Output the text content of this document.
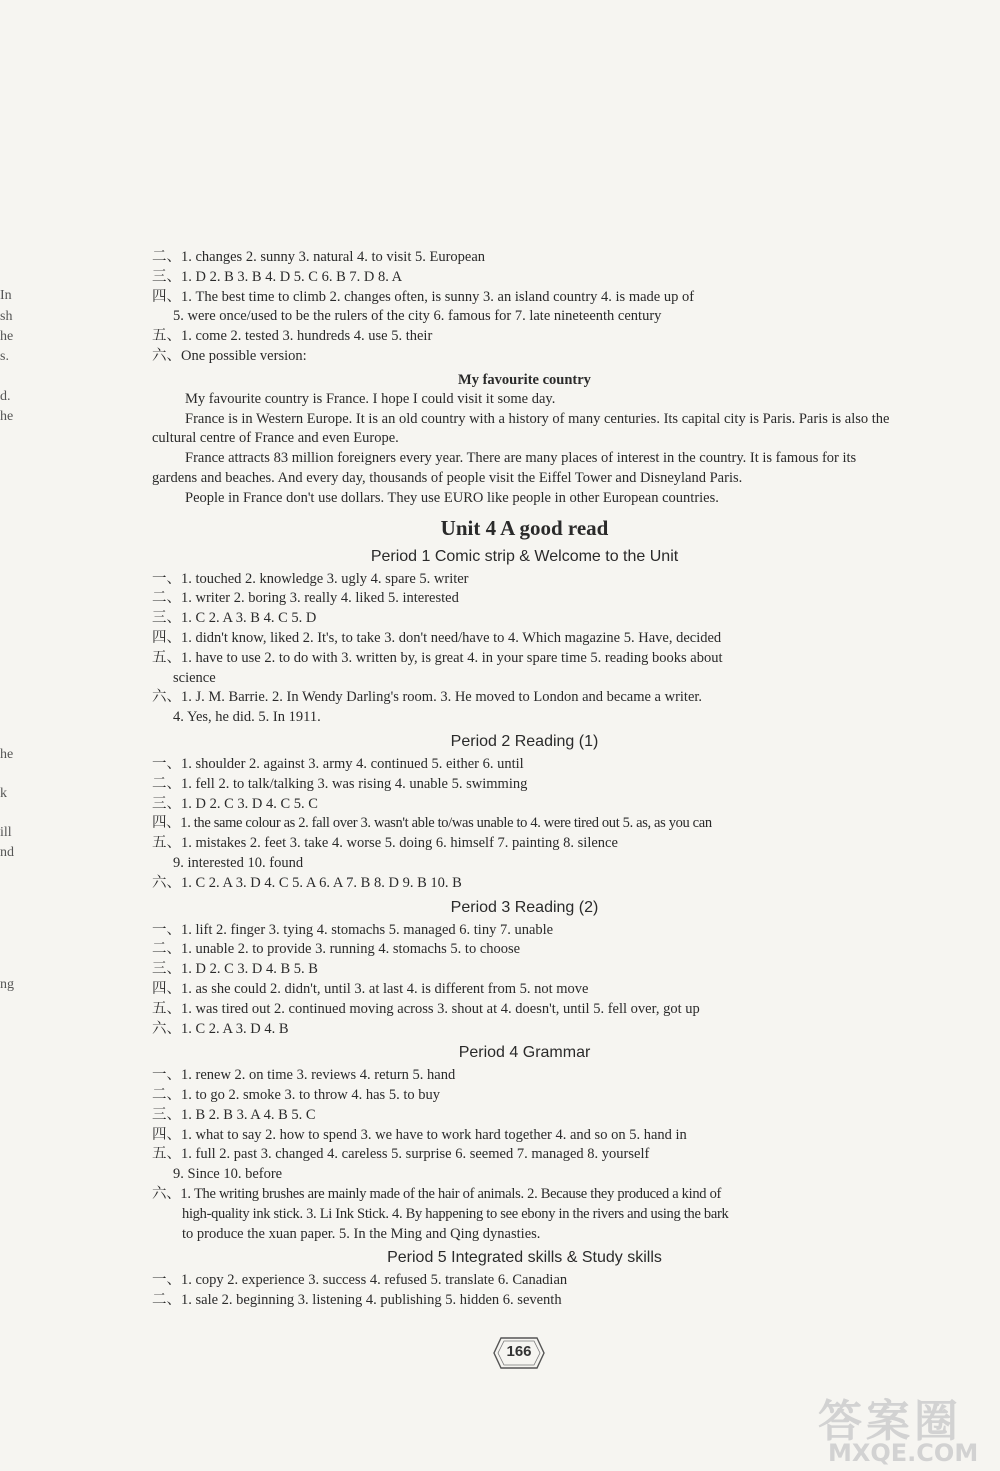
In
sh
he
s.
d.
he
he
k
ill
nd
ng
二、1. changes 2. sunny 3. natural 4. to visit 5. European
三、1. D 2. B 3. B 4. D 5. C 6. B 7. D 8. A
四、1. The best time to climb 2. changes often, is sunny 3. an island country 4. is made up of
5. were once/used to be the rulers of the city 6. famous for 7. late nineteenth century
五、1. come 2. tested 3. hundreds 4. use 5. their
六、One possible version:
My favourite country
My favourite country is France. I hope I could visit it some day.
France is in Western Europe. It is an old country with a history of many centuries. Its capital city is Paris. Paris is also the cultural centre of France and even Europe.
France attracts 83 million foreigners every year. There are many places of interest in the country. It is famous for its gardens and beaches. And every day, thousands of people visit the Eiffel Tower and Disneyland Paris.
People in France don't use dollars. They use EURO like people in other European countries.
Unit 4 A good read
Period 1 Comic strip & Welcome to the Unit
一、1. touched 2. knowledge 3. ugly 4. spare 5. writer
二、1. writer 2. boring 3. really 4. liked 5. interested
三、1. C 2. A 3. B 4. C 5. D
四、1. didn't know, liked 2. It's, to take 3. don't need/have to 4. Which magazine 5. Have, decided
五、1. have to use 2. to do with 3. written by, is great 4. in your spare time 5. reading books about
science
六、1. J. M. Barrie. 2. In Wendy Darling's room. 3. He moved to London and became a writer.
4. Yes, he did. 5. In 1911.
Period 2 Reading (1)
一、1. shoulder 2. against 3. army 4. continued 5. either 6. until
二、1. fell 2. to talk/talking 3. was rising 4. unable 5. swimming
三、1. D 2. C 3. D 4. C 5. C
四、1. the same colour as 2. fall over 3. wasn't able to/was unable to 4. were tired out 5. as, as you can
五、1. mistakes 2. feet 3. take 4. worse 5. doing 6. himself 7. painting 8. silence
9. interested 10. found
六、1. C 2. A 3. D 4. C 5. A 6. A 7. B 8. D 9. B 10. B
Period 3 Reading (2)
一、1. lift 2. finger 3. tying 4. stomachs 5. managed 6. tiny 7. unable
二、1. unable 2. to provide 3. running 4. stomachs 5. to choose
三、1. D 2. C 3. D 4. B 5. B
四、1. as she could 2. didn't, until 3. at last 4. is different from 5. not move
五、1. was tired out 2. continued moving across 3. shout at 4. doesn't, until 5. fell over, got up
六、1. C 2. A 3. D 4. B
Period 4 Grammar
一、1. renew 2. on time 3. reviews 4. return 5. hand
二、1. to go 2. smoke 3. to throw 4. has 5. to buy
三、1. B 2. B 3. A 4. B 5. C
四、1. what to say 2. how to spend 3. we have to work hard together 4. and so on 5. hand in
五、1. full 2. past 3. changed 4. careless 5. surprise 6. seemed 7. managed 8. yourself
9. Since 10. before
六、1. The writing brushes are mainly made of the hair of animals. 2. Because they produced a kind of
high-quality ink stick. 3. Li Ink Stick. 4. By happening to see ebony in the rivers and using the bark
to produce the xuan paper. 5. In the Ming and Qing dynasties.
Period 5 Integrated skills & Study skills
一、1. copy 2. experience 3. success 4. refused 5. translate 6. Canadian
二、1. sale 2. beginning 3. listening 4. publishing 5. hidden 6. seventh
166
答案圈
MXQE.COM
